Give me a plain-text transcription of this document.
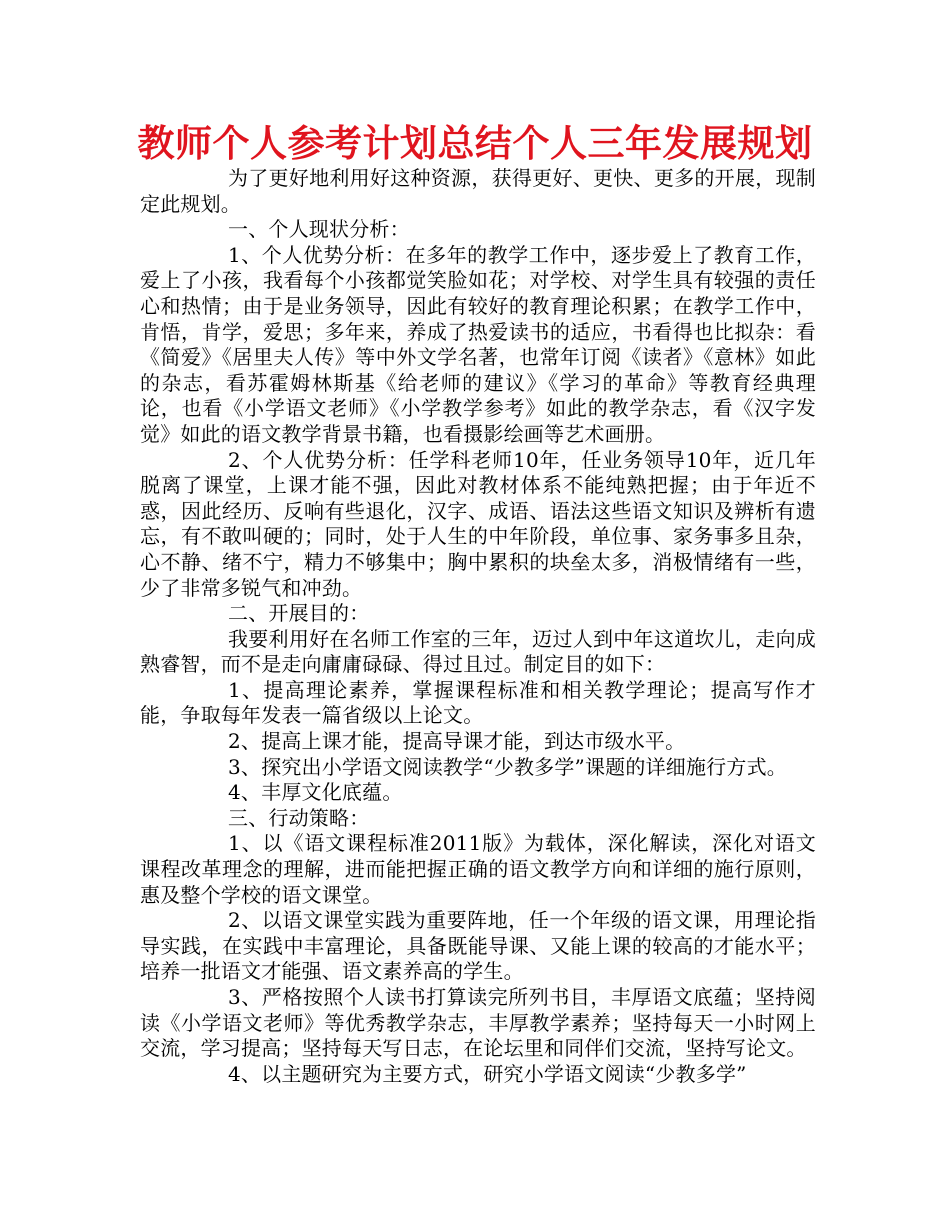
教师个人参考计划总结个人三年发展规划

为了更好地利用好这种资源，获得更好、更快、更多的开展，现制定此规划。

一、个人现状分析：

1、个人优势分析：在多年的教学工作中，逐步爱上了教育工作，爱上了小孩，我看每个小孩都觉笑脸如花；对学校、对学生具有较强的责任心和热情；由于是业务领导，因此有较好的教育理论积累；在教学工作中，肯悟，肯学，爱思；多年来，养成了热爱读书的适应，书看得也比拟杂：看《简爱》《居里夫人传》等中外文学名著，也常年订阅《读者》《意林》如此的杂志，看苏霍姆林斯基《给老师的建议》《学习的革命》等教育经典理论，也看《小学语文老师》《小学教学参考》如此的教学杂志，看《汉字发觉》如此的语文教学背景书籍，也看摄影绘画等艺术画册。

2、个人优势分析：任学科老师10年，任业务领导10年，近几年脱离了课堂，上课才能不强，因此对教材体系不能纯熟把握；由于年近不惑，因此经历、反响有些退化，汉字、成语、语法这些语文知识及辨析有遗忘，有不敢叫硬的；同时，处于人生的中年阶段，单位事、家务事多且杂，心不静、绪不宁，精力不够集中；胸中累积的块垒太多，消极情绪有一些，少了非常多锐气和冲劲。

二、开展目的：

我要利用好在名师工作室的三年，迈过人到中年这道坎儿，走向成熟睿智，而不是走向庸庸碌碌、得过且过。制定目的如下：

1、提高理论素养，掌握课程标准和相关教学理论；提高写作才能，争取每年发表一篇省级以上论文。

2、提高上课才能，提高导课才能，到达市级水平。

3、探究出小学语文阅读教学“少教多学”课题的详细施行方式。

4、丰厚文化底蕴。

三、行动策略：

1、以《语文课程标准2011版》为载体，深化解读，深化对语文课程改革理念的理解，进而能把握正确的语文教学方向和详细的施行原则，惠及整个学校的语文课堂。

2、以语文课堂实践为重要阵地，任一个年级的语文课，用理论指导实践，在实践中丰富理论，具备既能导课、又能上课的较高的才能水平；培养一批语文才能强、语文素养高的学生。

3、严格按照个人读书打算读完所列书目，丰厚语文底蕴；坚持阅读《小学语文老师》等优秀教学杂志，丰厚教学素养；坚持每天一小时网上交流，学习提高；坚持每天写日志，在论坛里和同伴们交流，坚持写论文。

4、以主题研究为主要方式，研究小学语文阅读“少教多学”
